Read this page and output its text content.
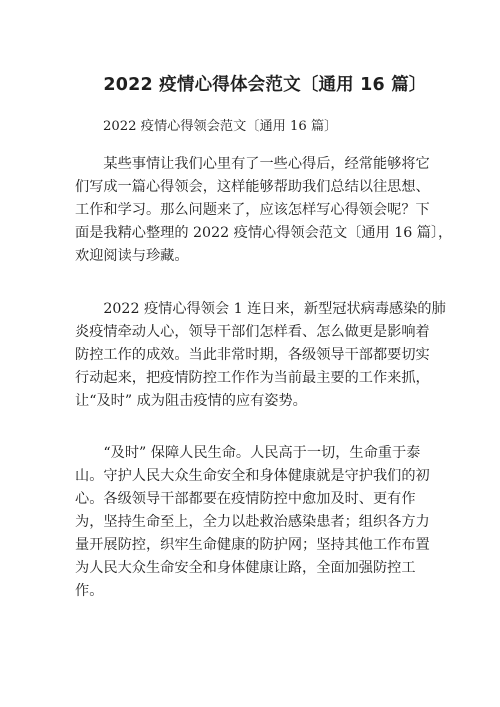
2022 疫情心得体会范文〔通用 16 篇〕
2022 疫情心得领会范文〔通用 16 篇〕
　　某些事情让我们心里有了一些心得后，经常能够将它
们写成一篇心得领会，这样能够帮助我们总结以往思想、
工作和学习。那么问题来了，应该怎样写心得领会呢？下
面是我精心整理的 2022 疫情心得领会范文〔通用 16 篇〕，
欢迎阅读与珍藏。
　　2022 疫情心得领会 1 连日来，新型冠状病毒感染的肺
炎疫情牵动人心，领导干部们怎样看、怎么做更是影响着
防控工作的成效。当此非常时期，各级领导干部都要切实
行动起来，把疫情防控工作作为当前最主要的工作来抓，
让“及时” 成为阻击疫情的应有姿势。
　　“及时” 保障人民生命。人民高于一切，生命重于泰
山。守护人民大众生命安全和身体健康就是守护我们的初
心。各级领导干部都要在疫情防控中愈加及时、更有作
为，坚持生命至上，全力以赴救治感染患者；组织各方力
量开展防控，织牢生命健康的防护网；坚持其他工作布置
为人民大众生命安全和身体健康让路，全面加强防控工
作。
